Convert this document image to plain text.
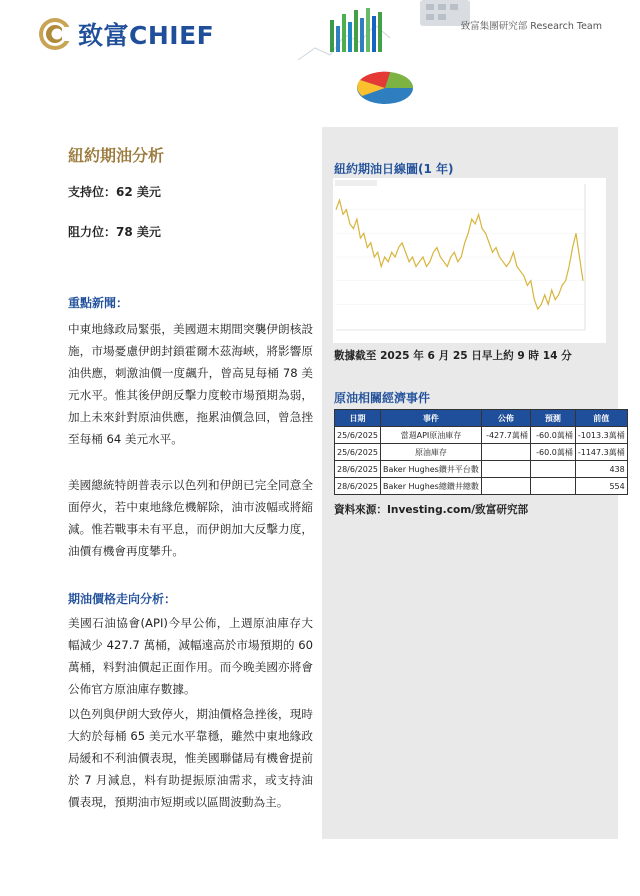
致富CHIEF	致富集團研究部 Research Team
紐約期油分析
支持位：62 美元
阻力位：78 美元
重點新聞：
中東地緣政局緊張，美國週末期間突襲伊朗核設施，市場憂慮伊朗封鎖霍爾木茲海峽，將影響原油供應，刺激油價一度飆升，曾高見每桶 78 美元水平。惟其後伊朗反擊力度較市場預期為弱，加上未來針對原油供應，拖累油價急回，曾急挫至每桶 64 美元水平。
美國總統特朗普表示以色列和伊朗已完全同意全面停火，若中東地緣危機解除，油市波幅或將縮減。惟若戰事未有平息，而伊朗加大反擊力度，油價有機會再度攀升。
期油價格走向分析：
美國石油協會(API)今早公佈，上週原油庫存大幅減少 427.7 萬桶，減幅遠高於市場預期的 60 萬桶，料對油價起正面作用。而今晚美國亦將會公佈官方原油庫存數據。
以色列與伊朗大致停火，期油價格急挫後，現時大約於每桶 65 美元水平靠穩，雖然中東地緣政局緩和不利油價表現，惟美國聯儲局有機會提前於 7 月減息，料有助提振原油需求，或支持油價表現，預期油市短期或以區間波動為主。
紐約期油日線圖(1 年)
數據截至 2025 年 6 月 25 日早上約 9 時 14 分
原油相關經濟事件
日期	事件	公佈	預測	前值
25/6/2025	當週API原油庫存	-427.7萬桶	-60.0萬桶	-1013.3萬桶
25/6/2025	原油庫存		-60.0萬桶	-1147.3萬桶
28/6/2025	Baker Hughes鑽井平台數			438
28/6/2025	Baker Hughes總鑽井總數			554
資料來源：Investing.com/致富研究部
